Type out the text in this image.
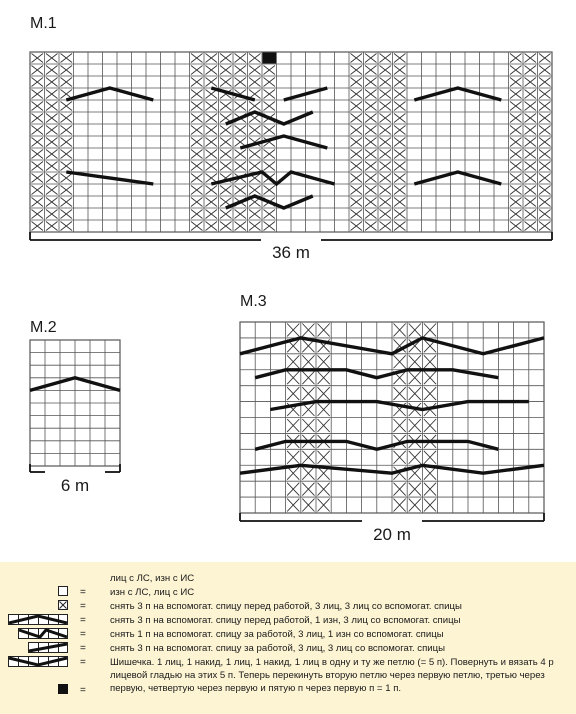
M.1
36 m
M.2
6 m
M.3
20 m
лиц с ЛС, изн с ИС
=	изн с ЛС, лиц с ИС
=	снять 3 п на вспомогат. спицу перед работой, 3 лиц, 3 лиц со вспомогат. спицы
=	снять 3 п на вспомогат. спицу перед работой, 1 изн, 3 лиц со вспомогат. спицы
=	снять 1 п на вспомогат. спицу за работой, 3 лиц, 1 изн со вспомогат. спицы
=	снять 3 п на вспомогат. спицу за работой, 3 лиц, 3 лиц со вспомогат. спицы
=	Шишечка. 1 лиц, 1 накид, 1 лиц, 1 накид, 1 лиц в одну и ту же петлю (= 5 п). Повернуть и вязать 4 р лицевой гладью на этих 5 п. Теперь перекинуть вторую петлю через первую петлю, третью через первую, четвертую через первую и пятую п через первую п = 1 п.
=
